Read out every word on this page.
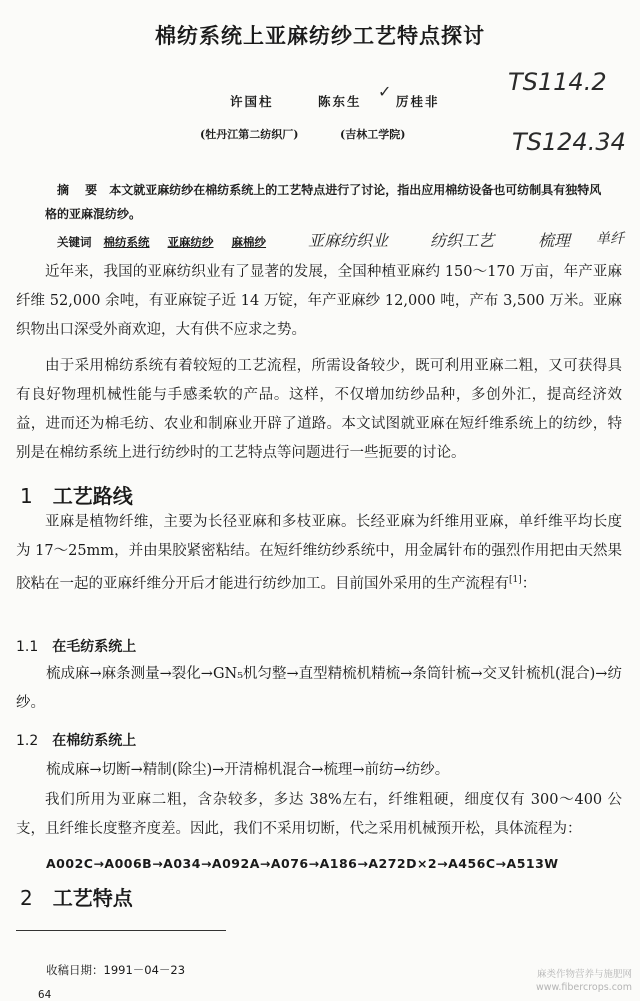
棉纺系统上亚麻纺纱工艺特点探讨
TS114.2
TS124.34
许国柱	陈东生
✓
厉桂非
(牡丹江第二纺织厂)	(吉林工学院)
摘 要 本文就亚麻纺纱在棉纺系统上的工艺特点进行了讨论，指出应用棉纺设备也可纺制具有独特风格的亚麻混纺纱。
关键词 棉纺系统 亚麻纺纱 麻棉纱	亚麻纺织业	纺织工艺	梳理 单纤
近年来，我国的亚麻纺织业有了显著的发展，全国种植亚麻约 150～170 万亩，年产亚麻纤维 52,000 余吨，有亚麻锭子近 14 万锭，年产亚麻纱 12,000 吨，产布 3,500 万米。亚麻织物出口深受外商欢迎，大有供不应求之势。
由于采用棉纺系统有着较短的工艺流程，所需设备较少，既可利用亚麻二粗，又可获得具有良好物理机械性能与手感柔软的产品。这样，不仅增加纺纱品种，多创外汇，提高经济效益，进而还为棉毛纺、农业和制麻业开辟了道路。本文试图就亚麻在短纤维系统上的纺纱，特别是在棉纺系统上进行纺纱时的工艺特点等问题进行一些扼要的讨论。
1 工艺路线
亚麻是植物纤维，主要为长径亚麻和多枝亚麻。长经亚麻为纤维用亚麻，单纤维平均长度为 17～25mm，并由果胶紧密粘结。在短纤维纺纱系统中，用金属针布的强烈作用把由天然果胶粘在一起的亚麻纤维分开后才能进行纺纱加工。目前国外采用的生产流程有[1]：
1.1 在毛纺系统上
梳成麻→麻条测量→裂化→GN₅机匀整→直型精梳机精梳→条筒针梳→交叉针梳机(混合)→纺纱。
1.2 在棉纺系统上
梳成麻→切断→精制(除尘)→开清棉机混合→梳理→前纺→纺纱。
我们所用为亚麻二粗，含杂较多，多达 38%左右，纤维粗硬，细度仅有 300～400 公支，且纤维长度整齐度差。因此，我们不采用切断，代之采用机械预开松，具体流程为：
A002C→A006B→A034→A092A→A076→A186→A272D×2→A456C→A513W
2 工艺特点
收稿日期：1991－04－23
64
麻类作物营养与施肥网
www.fibercrops.com
